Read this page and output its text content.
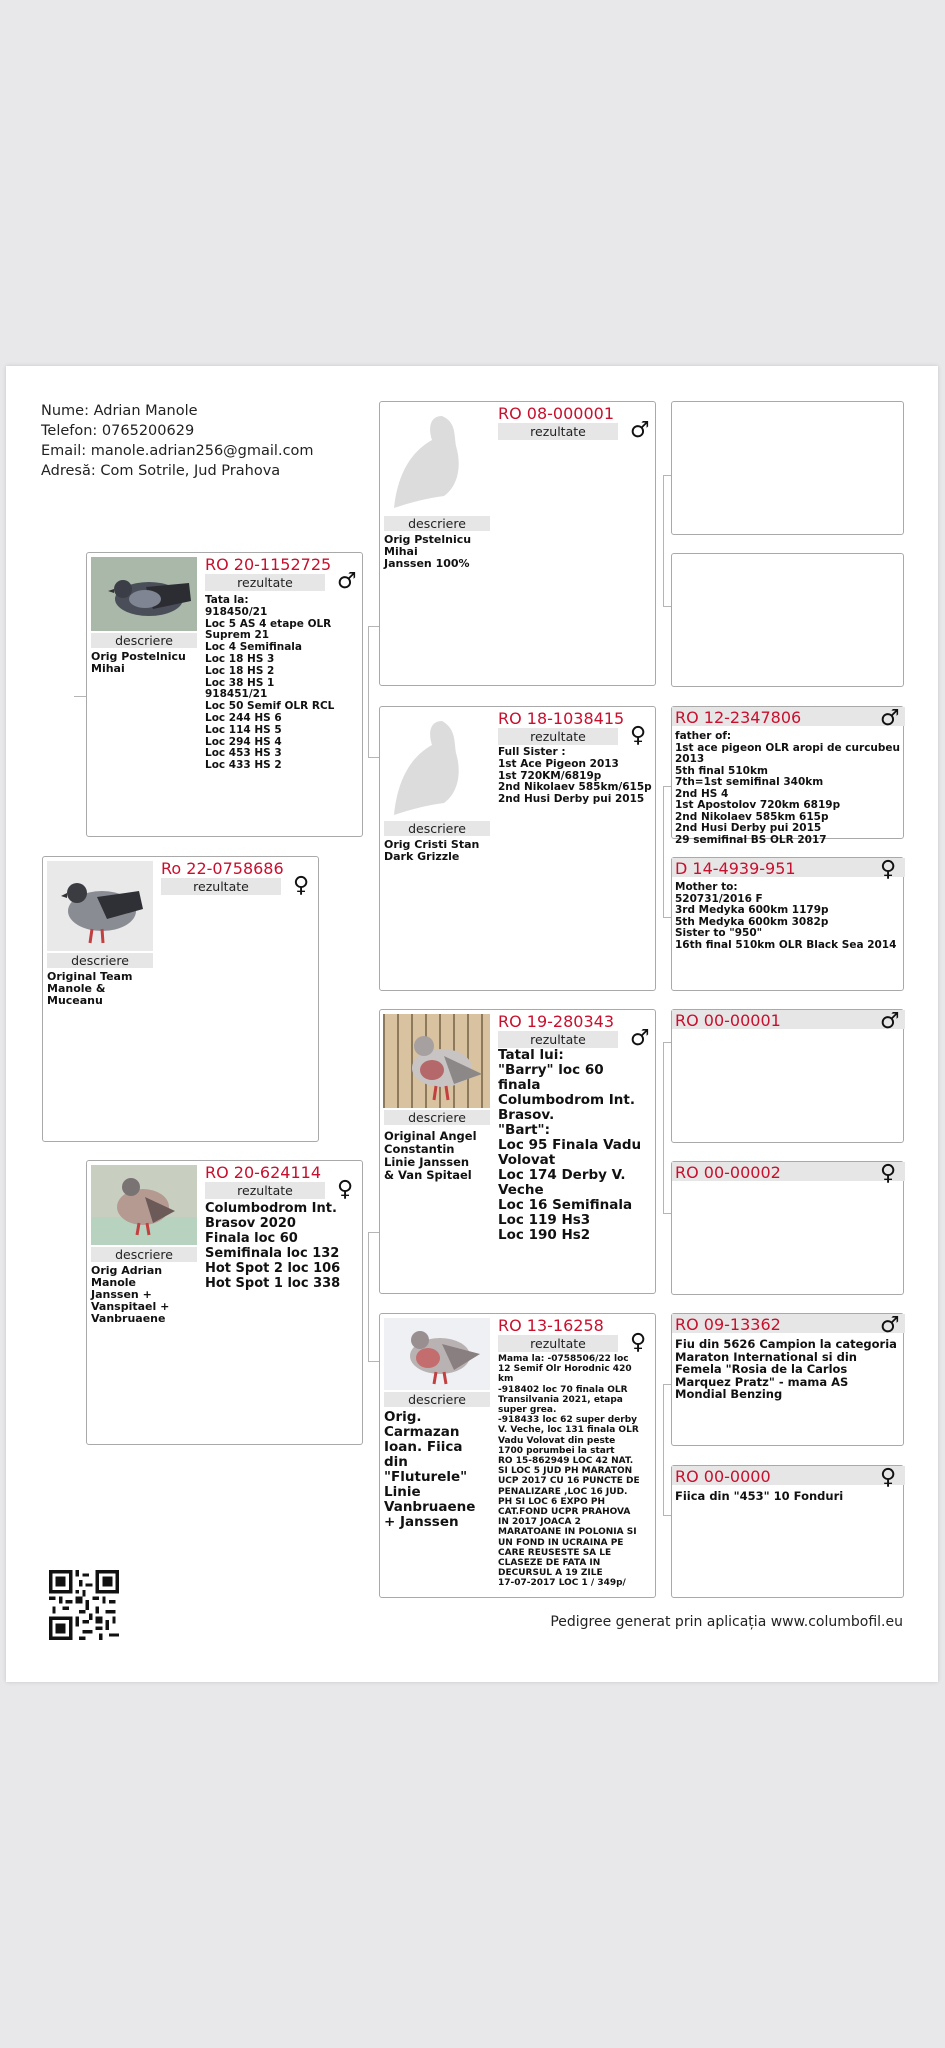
Nume: Adrian Manole
Telefon: 0765200629
Email: manole.adrian256@gmail.com
Adresă: Com Sotrile, Jud Prahova
descriere
Original Team
Manole &
Muceanu
Ro 22-0758686
rezultate	♀
descriere
Orig Postelnicu
Mihai
RO 20-1152725
rezultate	♂
Tata la:
918450/21
Loc 5 AS 4 etape OLR
Suprem 21
Loc 4 Semifinala
Loc 18 HS 3
Loc 18 HS 2
Loc 38 HS 1
918451/21
Loc 50 Semif OLR RCL
Loc 244 HS 6
Loc 114 HS 5
Loc 294 HS 4
Loc 453 HS 3
Loc 433 HS 2
descriere
Orig Adrian
Manole
Janssen +
Vanspitael +
Vanbruaene
RO 20-624114
rezultate	♀
Columbodrom Int.
Brasov 2020
Finala loc 60
Semifinala loc 132
Hot Spot 2 loc 106
Hot Spot 1 loc 338
descriere
Orig Pstelnicu
Mihai
Janssen 100%
RO 08-000001
rezultate	♂
descriere
Orig Cristi Stan
Dark Grizzle
RO 18-1038415
rezultate	♀
Full Sister :
1st Ace Pigeon 2013
1st 720KM/6819p
2nd Nikolaev 585km/615p
2nd Husi Derby pui 2015
descriere
Original Angel
Constantin
Linie Janssen
& Van Spitael
RO 19-280343
rezultate	♂
Tatal lui:
"Barry" loc 60
finala
Columbodrom Int.
Brasov.
"Bart":
Loc 95 Finala Vadu
Volovat
Loc 174 Derby V.
Veche
Loc 16 Semifinala
Loc 119 Hs3
Loc 190 Hs2
descriere
Orig.
Carmazan
Ioan. Fiica
din
"Fluturele"
Linie
Vanbruaene
+ Janssen
RO 13-16258
rezultate	♀
Mama la: -0758506/22 loc
12 Semif Olr Horodnic 420
km
-918402 loc 70 finala OLR
Transilvania 2021, etapa
super grea.
-918433 loc 62 super derby
V. Veche, loc 131 finala OLR
Vadu Volovat din peste
1700 porumbei la start
RO 15-862949 LOC 42 NAT.
SI LOC 5 JUD PH MARATON
UCP 2017 CU 16 PUNCTE DE
PENALIZARE ,LOC 16 JUD.
PH SI LOC 6 EXPO PH
CAT.FOND UCPR PRAHOVA
IN 2017 JOACA 2
MARATOANE IN POLONIA SI
UN FOND IN UCRAINA PE
CARE REUSESTE SA LE
CLASEZE DE FATA IN
DECURSUL A 19 ZILE
17-07-2017 LOC 1 / 349p/
RO 12-2347806	♂
father of:
1st ace pigeon OLR aropi de curcubeu
2013
5th final 510km
7th=1st semifinal 340km
2nd HS 4
1st Apostolov 720km 6819p
2nd Nikolaev 585km 615p
2nd Husi Derby pui 2015
29 semifinal BS OLR 2017
D 14-4939-951	♀
Mother to:
520731/2016 F
3rd Medyka 600km 1179p
5th Medyka 600km 3082p
Sister to "950"
16th final 510km OLR Black Sea 2014
RO 00-00001	♂
RO 00-00002	♀
RO 09-13362	♂
Fiu din 5626 Campion la categoria
Maraton International si din
Femela "Rosia de la Carlos
Marquez Pratz" - mama AS
Mondial Benzing
RO 00-0000	♀
Fiica din "453" 10 Fonduri
Pedigree generat prin aplicația www.columbofil.eu
